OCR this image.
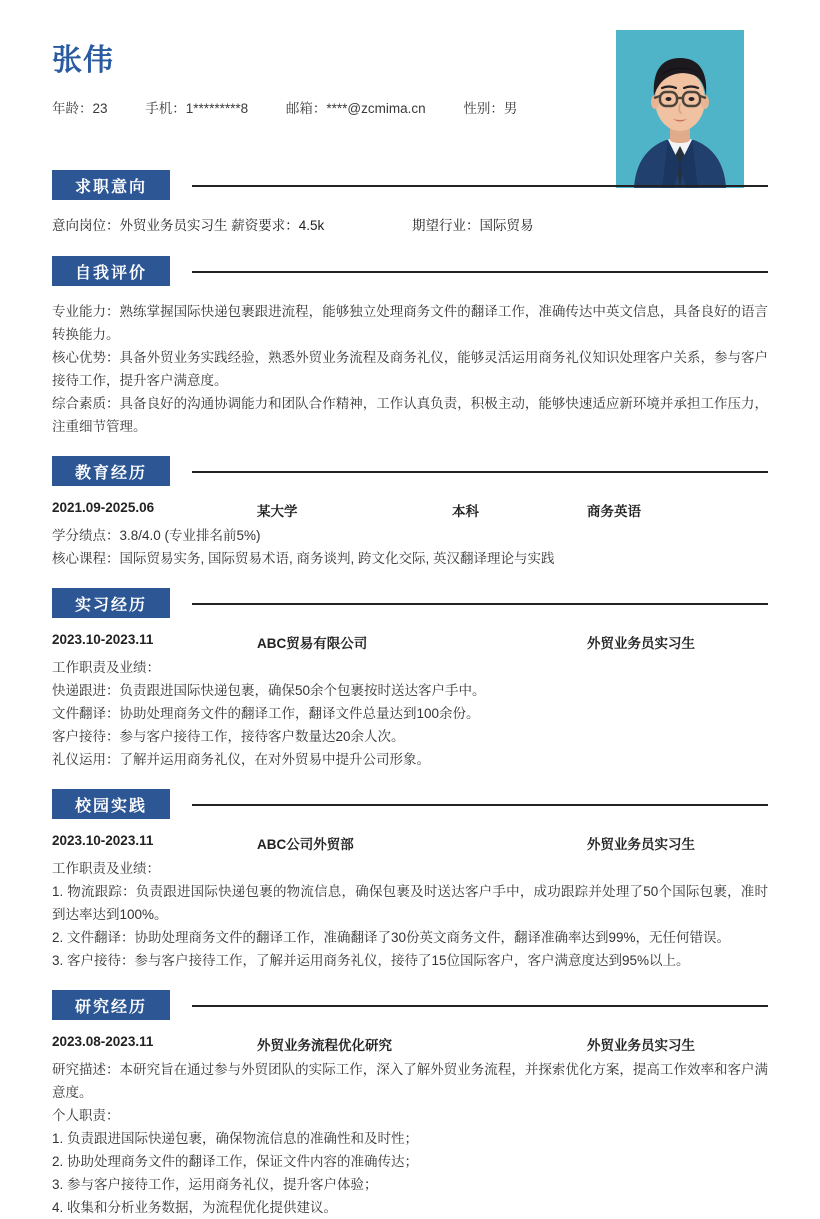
张伟
年龄：23	手机：1*********8	邮箱：****@zcmima.cn	性别：男
求职意向
意向岗位：外贸业务员实习生 薪资要求：4.5k	期望行业：国际贸易
自我评价

专业能力：熟练掌握国际快递包裹跟进流程，能够独立处理商务文件的翻译工作，准确传达中英文信息，具备良好的语言转换能力。

核心优势：具备外贸业务实践经验，熟悉外贸业务流程及商务礼仪，能够灵活运用商务礼仪知识处理客户关系，参与客户接待工作，提升客户满意度。

综合素质：具备良好的沟通协调能力和团队合作精神，工作认真负责，积极主动，能够快速适应新环境并承担工作压力，注重细节管理。

教育经历
2021.09-2025.06	某大学	本科	商务英语
学分绩点：3.8/4.0 (专业排名前5%)
核心课程：国际贸易实务, 国际贸易术语, 商务谈判, 跨文化交际, 英汉翻译理论与实践
实习经历
2023.10-2023.11	ABC贸易有限公司	外贸业务员实习生
工作职责及业绩：
快递跟进：负责跟进国际快递包裹，确保50余个包裹按时送达客户手中。
文件翻译：协助处理商务文件的翻译工作，翻译文件总量达到100余份。
客户接待：参与客户接待工作，接待客户数量达20余人次。
礼仪运用：了解并运用商务礼仪，在对外贸易中提升公司形象。
校园实践
2023.10-2023.11	ABC公司外贸部	外贸业务员实习生
工作职责及业绩：

1. 物流跟踪：负责跟进国际快递包裹的物流信息，确保包裹及时送达客户手中，成功跟踪并处理了50个国际包裹，准时到达率达到100%。

2. 文件翻译：协助处理商务文件的翻译工作，准确翻译了30份英文商务文件，翻译准确率达到99%，无任何错误。

3. 客户接待：参与客户接待工作，了解并运用商务礼仪，接待了15位国际客户，客户满意度达到95%以上。

研究经历
2023.08-2023.11	外贸业务流程优化研究	外贸业务员实习生

研究描述：本研究旨在通过参与外贸团队的实际工作，深入了解外贸业务流程，并探索优化方案，提高工作效率和客户满意度。

个人职责：
1. 负责跟进国际快递包裹，确保物流信息的准确性和及时性；
2. 协助处理商务文件的翻译工作，保证文件内容的准确传达；
3. 参与客户接待工作，运用商务礼仪，提升客户体验；
4. 收集和分析业务数据，为流程优化提供建议。
